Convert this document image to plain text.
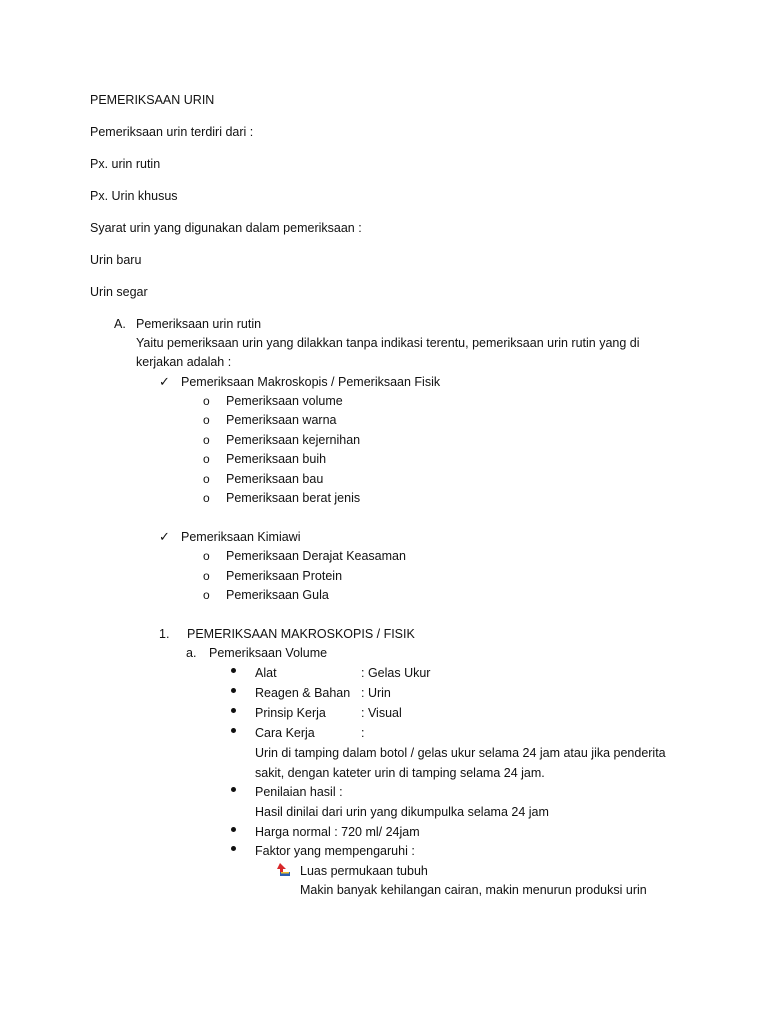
PEMERIKSAAN URIN
Pemeriksaan urin terdiri dari :
Px. urin rutin
Px. Urin khusus
Syarat urin yang digunakan dalam pemeriksaan :
Urin baru
Urin segar
A. Pemeriksaan urin rutin
Yaitu pemeriksaan urin yang dilakkan tanpa indikasi terentu, pemeriksaan urin rutin yang di
kerjakan adalah :
✓ Pemeriksaan Makroskopis / Pemeriksaan Fisik
o Pemeriksaan volume
o Pemeriksaan warna
o Pemeriksaan kejernihan
o Pemeriksaan buih
o Pemeriksaan bau
o Pemeriksaan berat jenis
✓ Pemeriksaan Kimiawi
o Pemeriksaan Derajat Keasaman
o Pemeriksaan Protein
o Pemeriksaan Gula
1. PEMERIKSAAN MAKROSKOPIS / FISIK
a. Pemeriksaan Volume
Alat	: Gelas Ukur
Reagen & Bahan : Urin
Prinsip Kerja	: Visual
Cara Kerja	:
Urin di tamping dalam botol / gelas ukur selama 24 jam atau jika penderita
sakit, dengan kateter urin di tamping selama 24 jam.
Penilaian hasil :
Hasil dinilai dari urin yang dikumpulka selama 24 jam
Harga normal : 720 ml/ 24jam
Faktor yang mempengaruhi :
Luas permukaan tubuh
Makin banyak kehilangan cairan, makin menurun produksi urin
